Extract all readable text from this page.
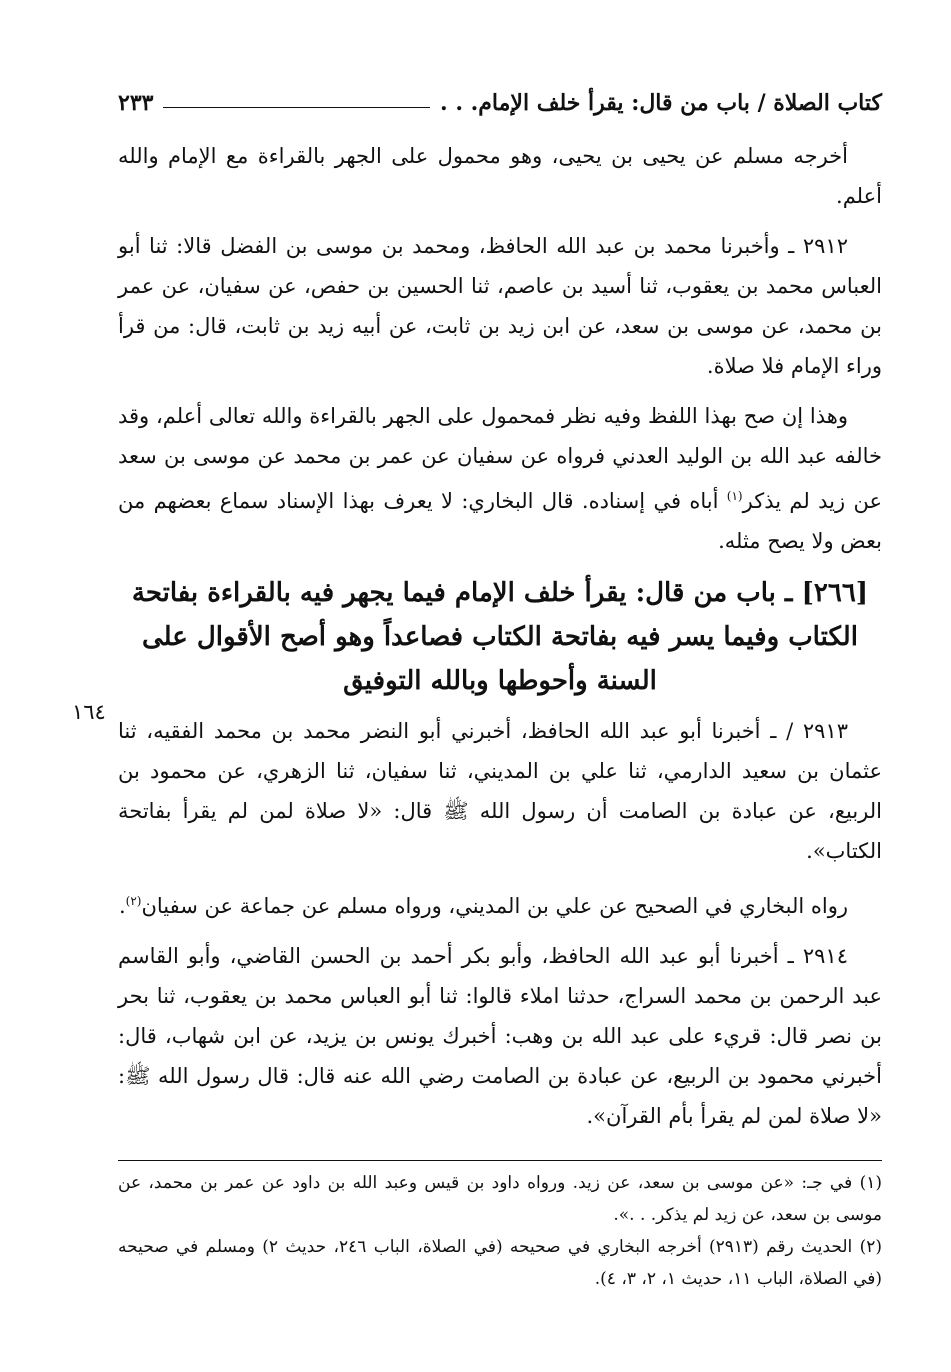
كتاب الصلاة / باب من قال: يقرأ خلف الإمام. . .
٢٣٣
١٦٤

أخرجه مسلم عن يحيى بن يحيى، وهو محمول على الجهر بالقراءة مع الإمام والله أعلم.

٢٩١٢ ـ وأخبرنا محمد بن عبد الله الحافظ، ومحمد بن موسى بن الفضل قالا: ثنا أبو العباس محمد بن يعقوب، ثنا أسيد بن عاصم، ثنا الحسين بن حفص، عن سفيان، عن عمر بن محمد، عن موسى بن سعد، عن ابن زيد بن ثابت، عن أبيه زيد بن ثابت، قال: من قرأ وراء الإمام فلا صلاة.

وهذا إن صح بهذا اللفظ وفيه نظر فمحمول على الجهر بالقراءة والله تعالى أعلم، وقد خالفه عبد الله بن الوليد العدني فرواه عن سفيان عن عمر بن محمد عن موسى بن سعد عن زيد لم يذكر$^{(١)}$ أباه في إسناده. قال البخاري: لا يعرف بهذا الإسناد سماع بعضهم من بعض ولا يصح مثله.

[٢٦٦] ـ باب من قال: يقرأ خلف الإمام فيما يجهر فيه بالقراءة بفاتحة الكتاب وفيما يسر فيه بفاتحة الكتاب فصاعداً وهو أصح الأقوال على السنة وأحوطها وبالله التوفيق

٢٩١٣ / ـ أخبرنا أبو عبد الله الحافظ، أخبرني أبو النضر محمد بن محمد الفقيه، ثنا عثمان بن سعيد الدارمي، ثنا علي بن المديني، ثنا سفيان، ثنا الزهري، عن محمود بن الربيع، عن عبادة بن الصامت أن رسول الله ﷺ قال: «لا صلاة لمن لم يقرأ بفاتحة الكتاب».

رواه البخاري في الصحيح عن علي بن المديني، ورواه مسلم عن جماعة عن سفيان$^{(٢)}$.

٢٩١٤ ـ أخبرنا أبو عبد الله الحافظ، وأبو بكر أحمد بن الحسن القاضي، وأبو القاسم عبد الرحمن بن محمد السراج، حدثنا املاء قالوا: ثنا أبو العباس محمد بن يعقوب، ثنا بحر بن نصر قال: قريء على عبد الله بن وهب: أخبرك يونس بن يزيد، عن ابن شهاب، قال: أخبرني محمود بن الربيع، عن عبادة بن الصامت رضي الله عنه قال: قال رسول الله ﷺ: «لا صلاة لمن لم يقرأ بأم القرآن».

(١) في جـ: «عن موسى بن سعد، عن زيد. ورواه داود بن قيس وعبد الله بن داود عن عمر بن محمد، عن موسى بن سعد، عن زيد لم يذكر. . .».

(٢) الحديث رقم (٢٩١٣) أخرجه البخاري في صحيحه (في الصلاة، الباب ٢٤٦، حديث ٢) ومسلم في صحيحه (في الصلاة، الباب ١١، حديث ١، ٢، ٣، ٤).
